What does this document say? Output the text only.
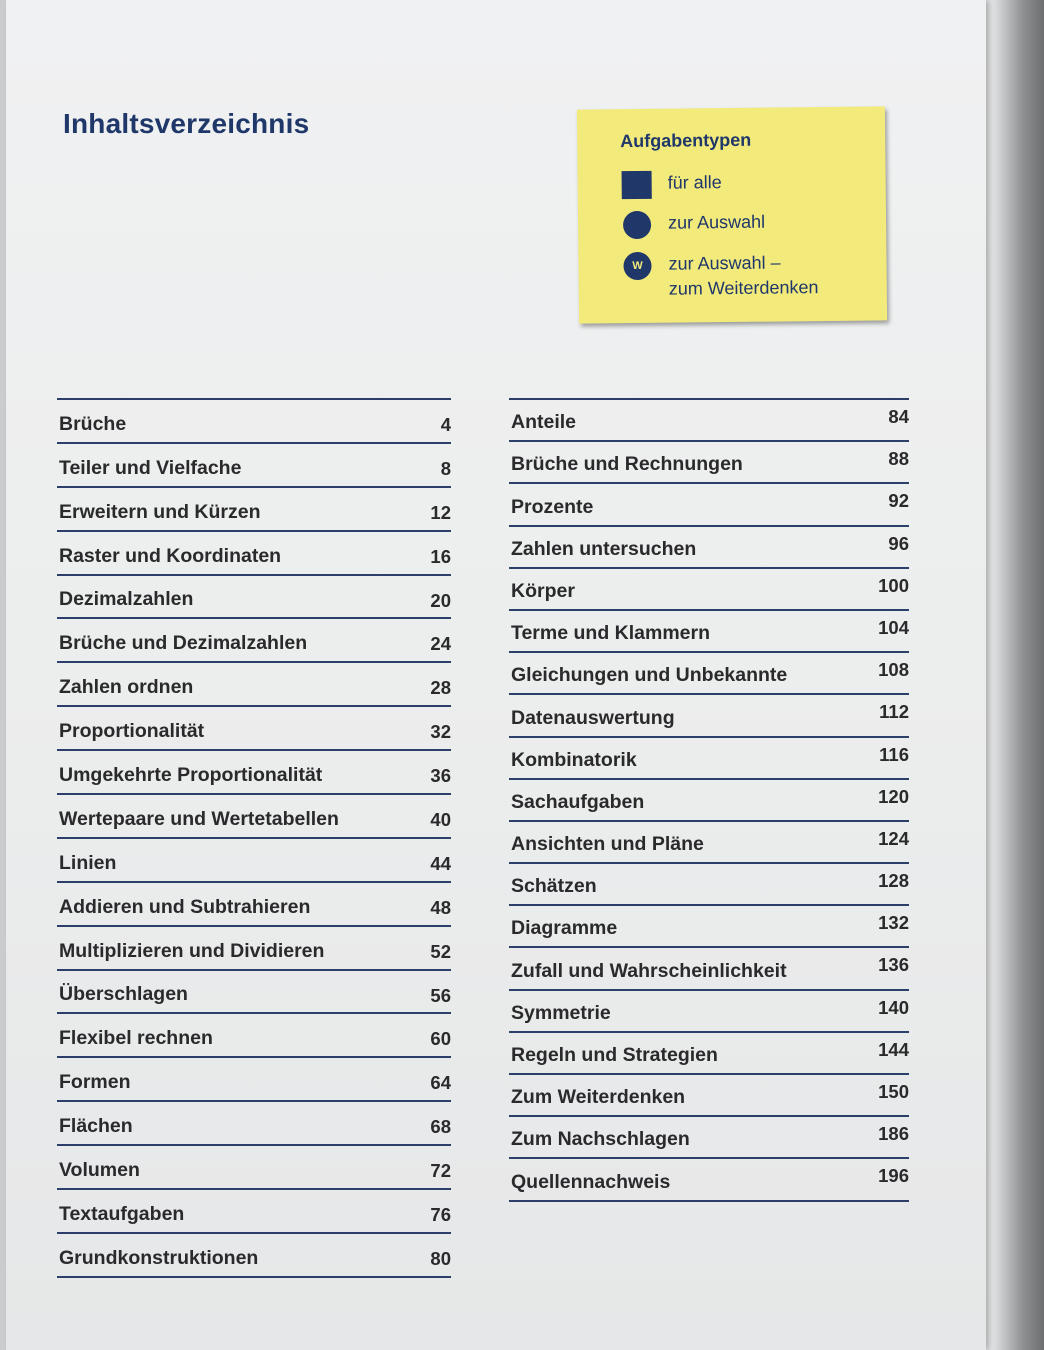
Inhaltsverzeichnis
Aufgabentypen
für alle
zur Auswahl
W	zur Auswahl –
zum Weiterdenken
Brüche	4
Teiler und Vielfache	8
Erweitern und Kürzen	12
Raster und Koordinaten	16
Dezimalzahlen	20
Brüche und Dezimalzahlen	24
Zahlen ordnen	28
Proportionalität	32
Umgekehrte Proportionalität	36
Wertepaare und Wertetabellen	40
Linien	44
Addieren und Subtrahieren	48
Multiplizieren und Dividieren	52
Überschlagen	56
Flexibel rechnen	60
Formen	64
Flächen	68
Volumen	72
Textaufgaben	76
Grundkonstruktionen	80
Anteile	84
Brüche und Rechnungen	88
Prozente	92
Zahlen untersuchen	96
Körper	100
Terme und Klammern	104
Gleichungen und Unbekannte	108
Datenauswertung	112
Kombinatorik	116
Sachaufgaben	120
Ansichten und Pläne	124
Schätzen	128
Diagramme	132
Zufall und Wahrscheinlichkeit	136
Symmetrie	140
Regeln und Strategien	144
Zum Weiterdenken	150
Zum Nachschlagen	186
Quellennachweis	196
